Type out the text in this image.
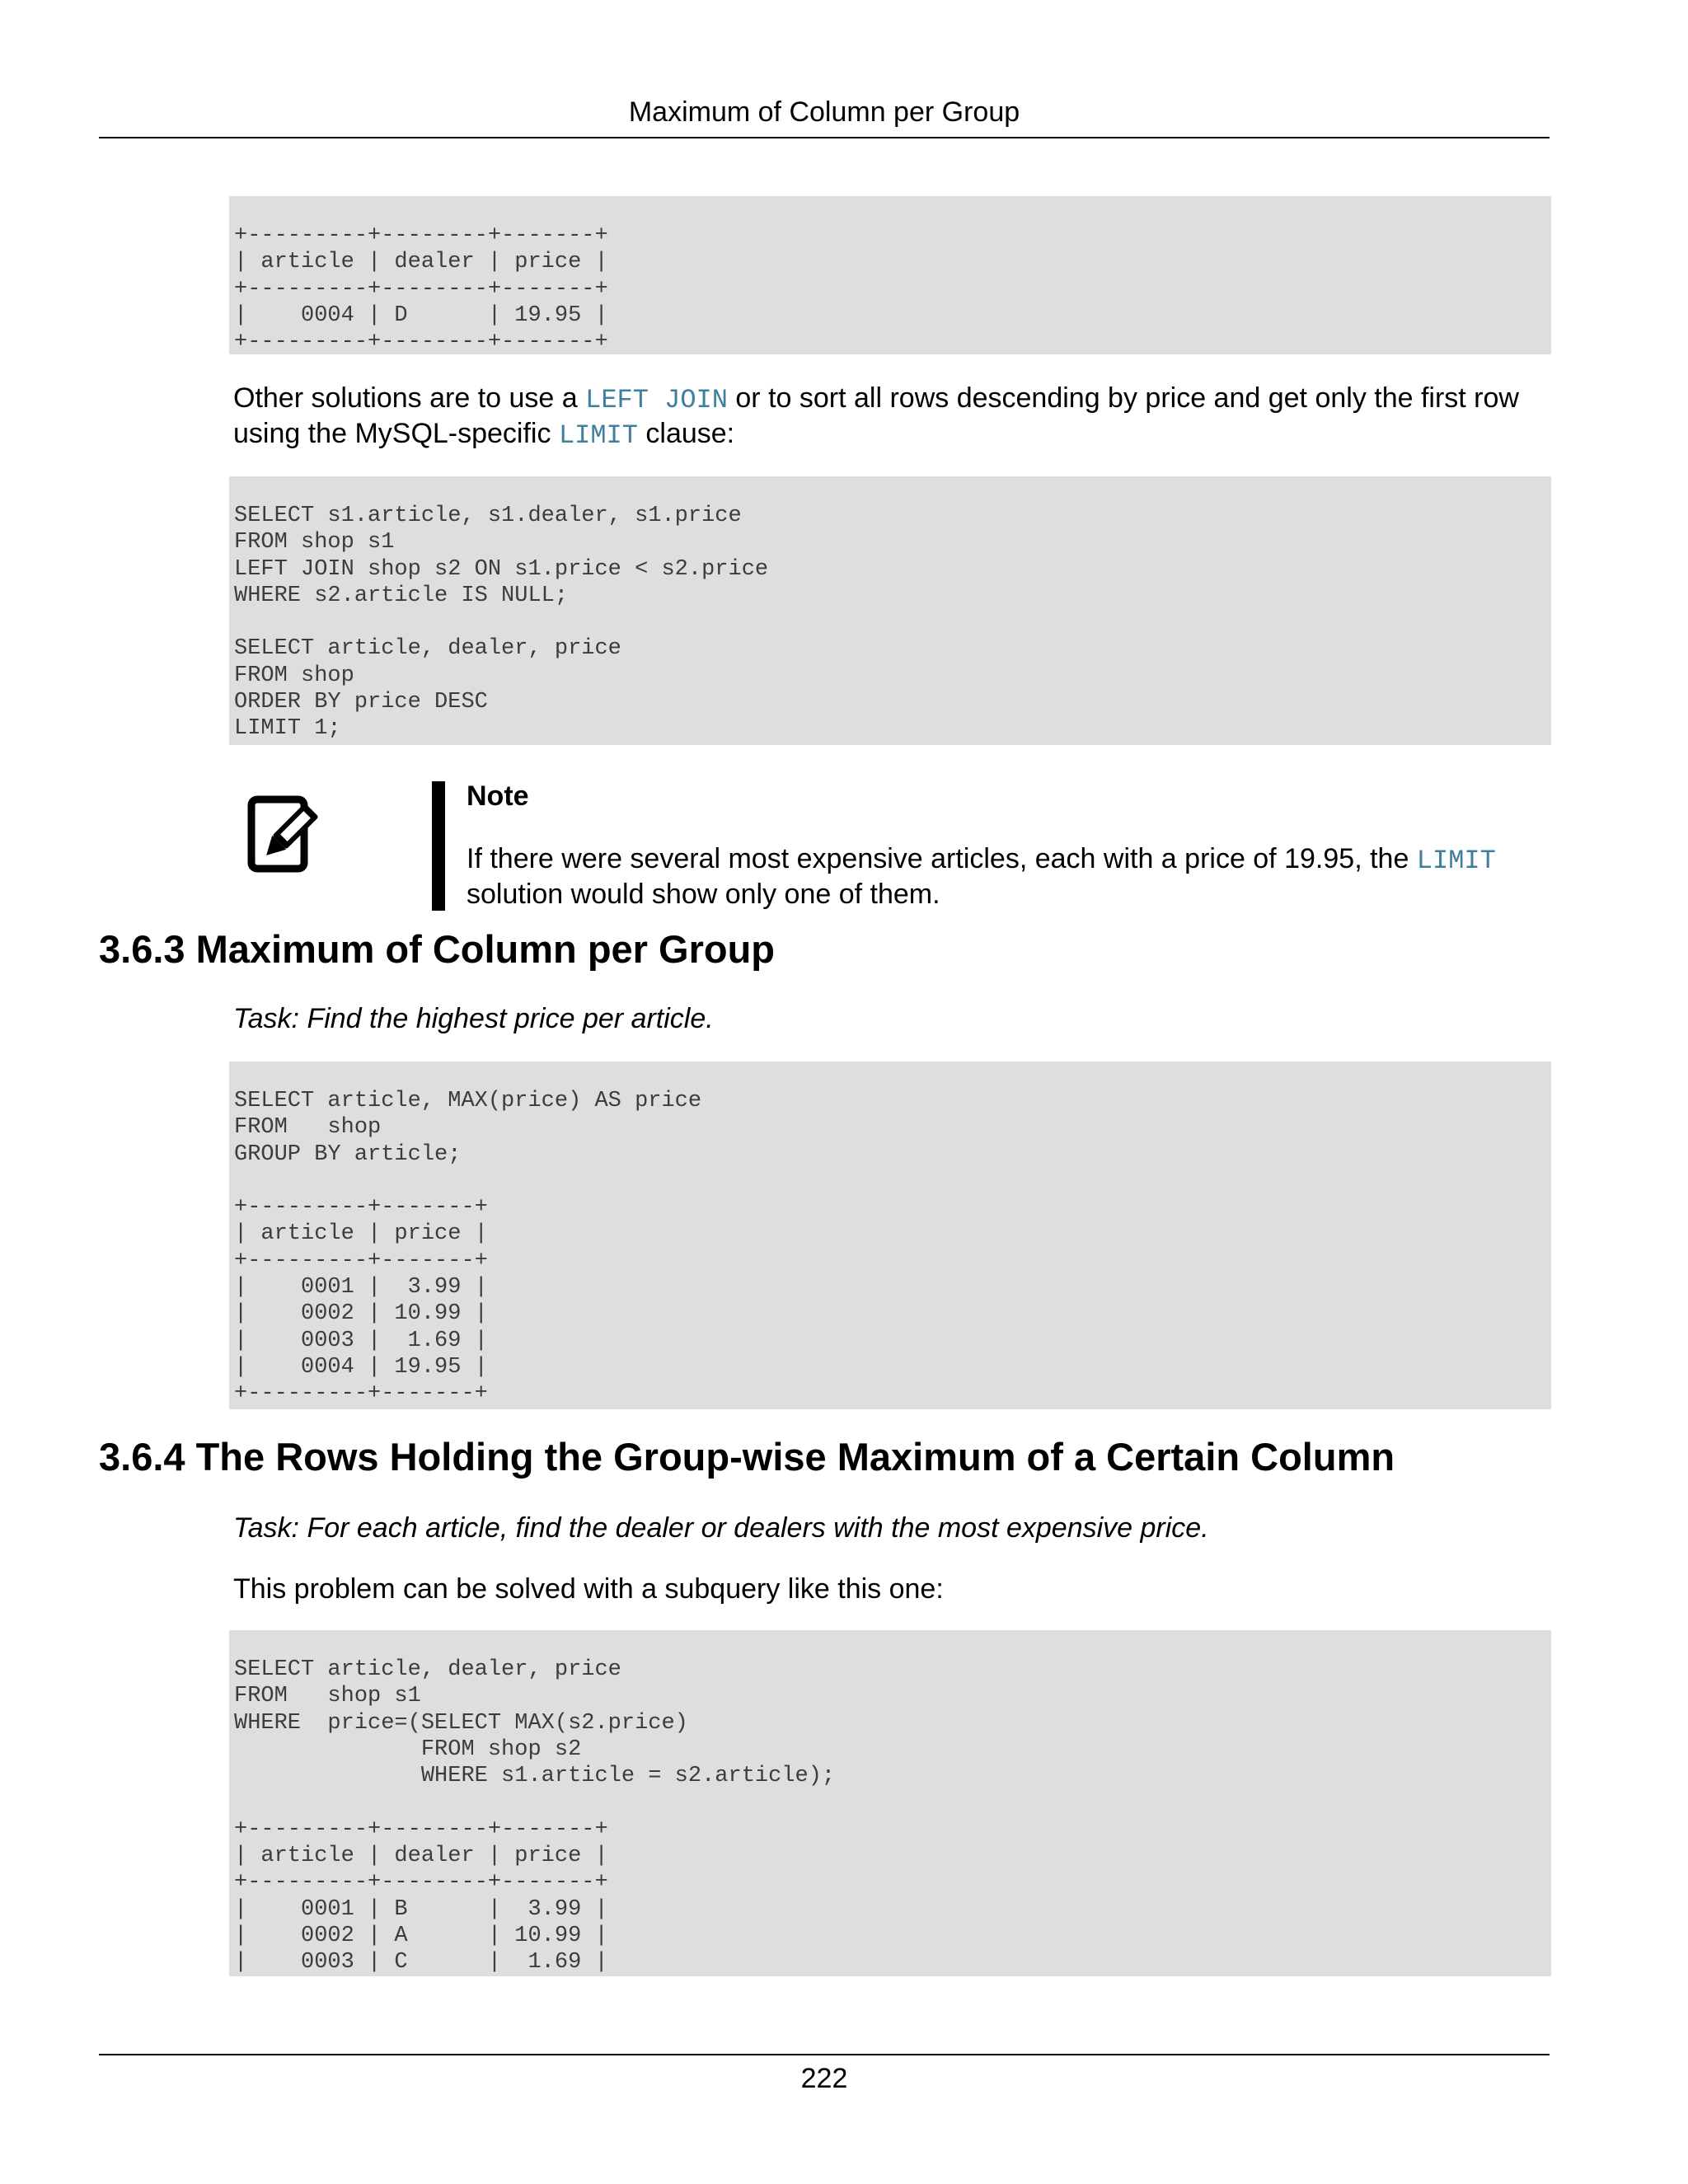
Maximum of Column per Group
+---------+--------+-------+
| article | dealer | price |
+---------+--------+-------+
|    0004 | D      | 19.95 |
+---------+--------+-------+

Other solutions are to use a LEFT JOIN or to sort all rows descending by price and get only the first row using the MySQL-specific LIMIT clause:

SELECT s1.article, s1.dealer, s1.price
FROM shop s1
LEFT JOIN shop s2 ON s1.price < s2.price
WHERE s2.article IS NULL;

SELECT article, dealer, price
FROM shop
ORDER BY price DESC
LIMIT 1;

Note

If there were several most expensive articles, each with a price of 19.95, the LIMIT solution would show only one of them.

3.6.3 Maximum of Column per Group

Task: Find the highest price per article.

SELECT article, MAX(price) AS price
FROM   shop
GROUP BY article;

+---------+-------+
| article | price |
+---------+-------+
|    0001 |  3.99 |
|    0002 | 10.99 |
|    0003 |  1.69 |
|    0004 | 19.95 |
+---------+-------+
3.6.4 The Rows Holding the Group-wise Maximum of a Certain Column

Task: For each article, find the dealer or dealers with the most expensive price.

This problem can be solved with a subquery like this one:

SELECT article, dealer, price
FROM   shop s1
WHERE  price=(SELECT MAX(s2.price)
FROM shop s2
WHERE s1.article = s2.article);

+---------+--------+-------+
| article | dealer | price |
+---------+--------+-------+
|    0001 | B      |  3.99 |
|    0002 | A      | 10.99 |
|    0003 | C      |  1.69 |
222
